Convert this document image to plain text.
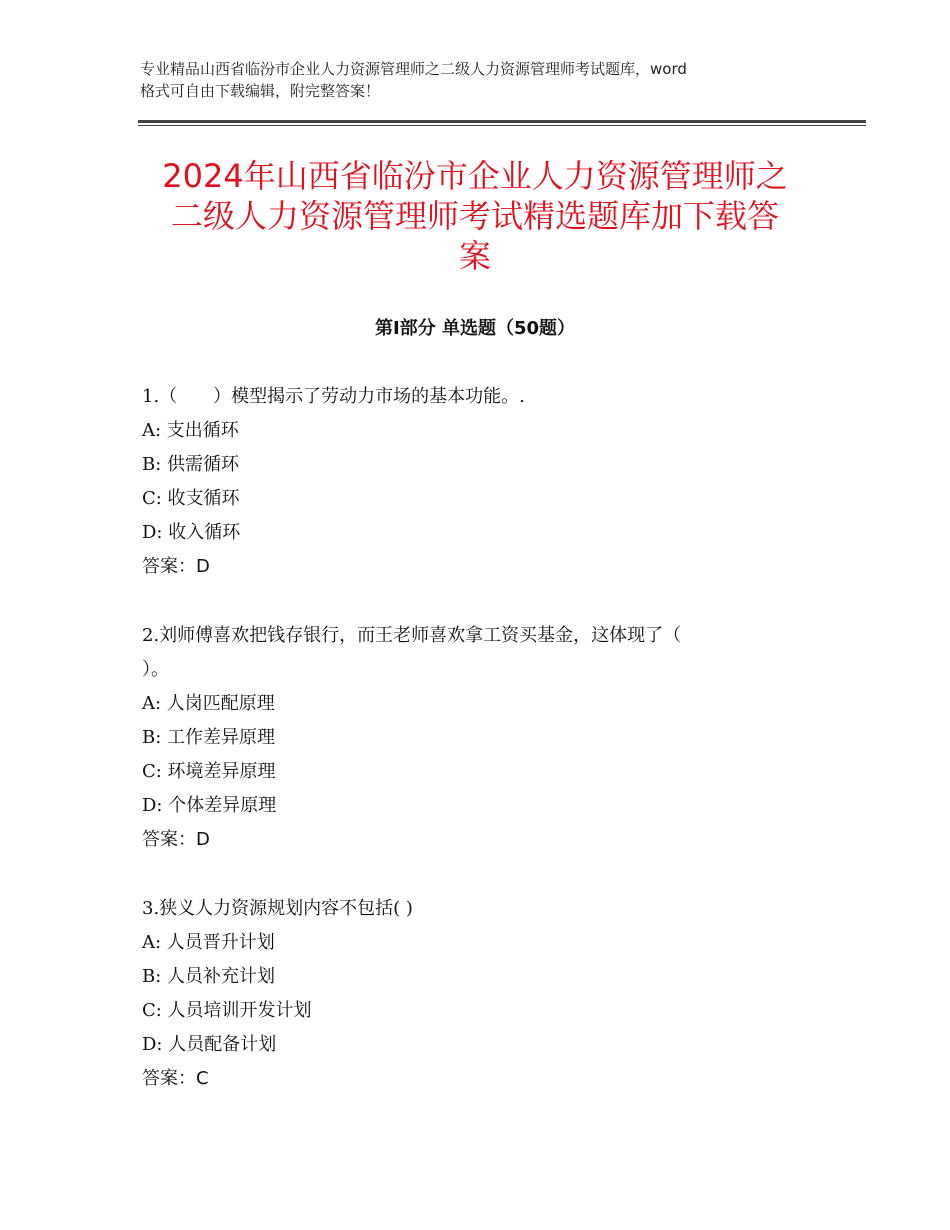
专业精品山西省临汾市企业人力资源管理师之二级人力资源管理师考试题库，word
格式可自由下载编辑，附完整答案！
2024年山西省临汾市企业人力资源管理师之
二级人力资源管理师考试精选题库加下载答
案
第Ⅰ部分 单选题（50题）
1.（　　）模型揭示了劳动力市场的基本功能。.
A: 支出循环
B: 供需循环
C: 收支循环
D: 收入循环
答案：D
2.刘师傅喜欢把钱存银行，而王老师喜欢拿工资买基金，这体现了（
）。
A: 人岗匹配原理
B: 工作差异原理
C: 环境差异原理
D: 个体差异原理
答案：D
3.狭义人力资源规划内容不包括( )
A: 人员晋升计划
B: 人员补充计划
C: 人员培训开发计划
D: 人员配备计划
答案：C
